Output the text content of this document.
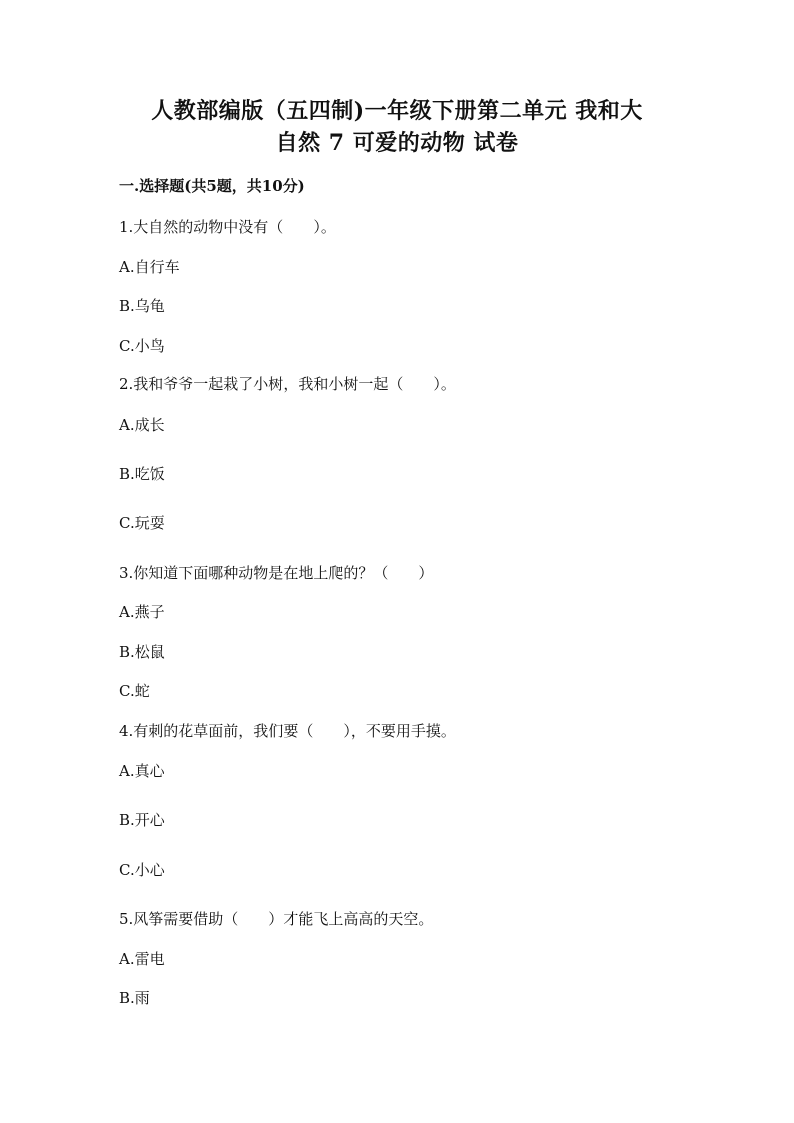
人教部编版（五四制)一年级下册第二单元 我和大
自然 7 可爱的动物 试卷
一.选择题(共5题，共10分)
1.大自然的动物中没有（　　）。
A.自行车
B.乌龟
C.小鸟
2.我和爷爷一起栽了小树，我和小树一起（　　）。
A.成长
B.吃饭
C.玩耍
3.你知道下面哪种动物是在地上爬的？（　　）
A.燕子
B.松鼠
C.蛇
4.有刺的花草面前，我们要（　　），不要用手摸。
A.真心
B.开心
C.小心
5.风筝需要借助（　　）才能飞上高高的天空。
A.雷电
B.雨
